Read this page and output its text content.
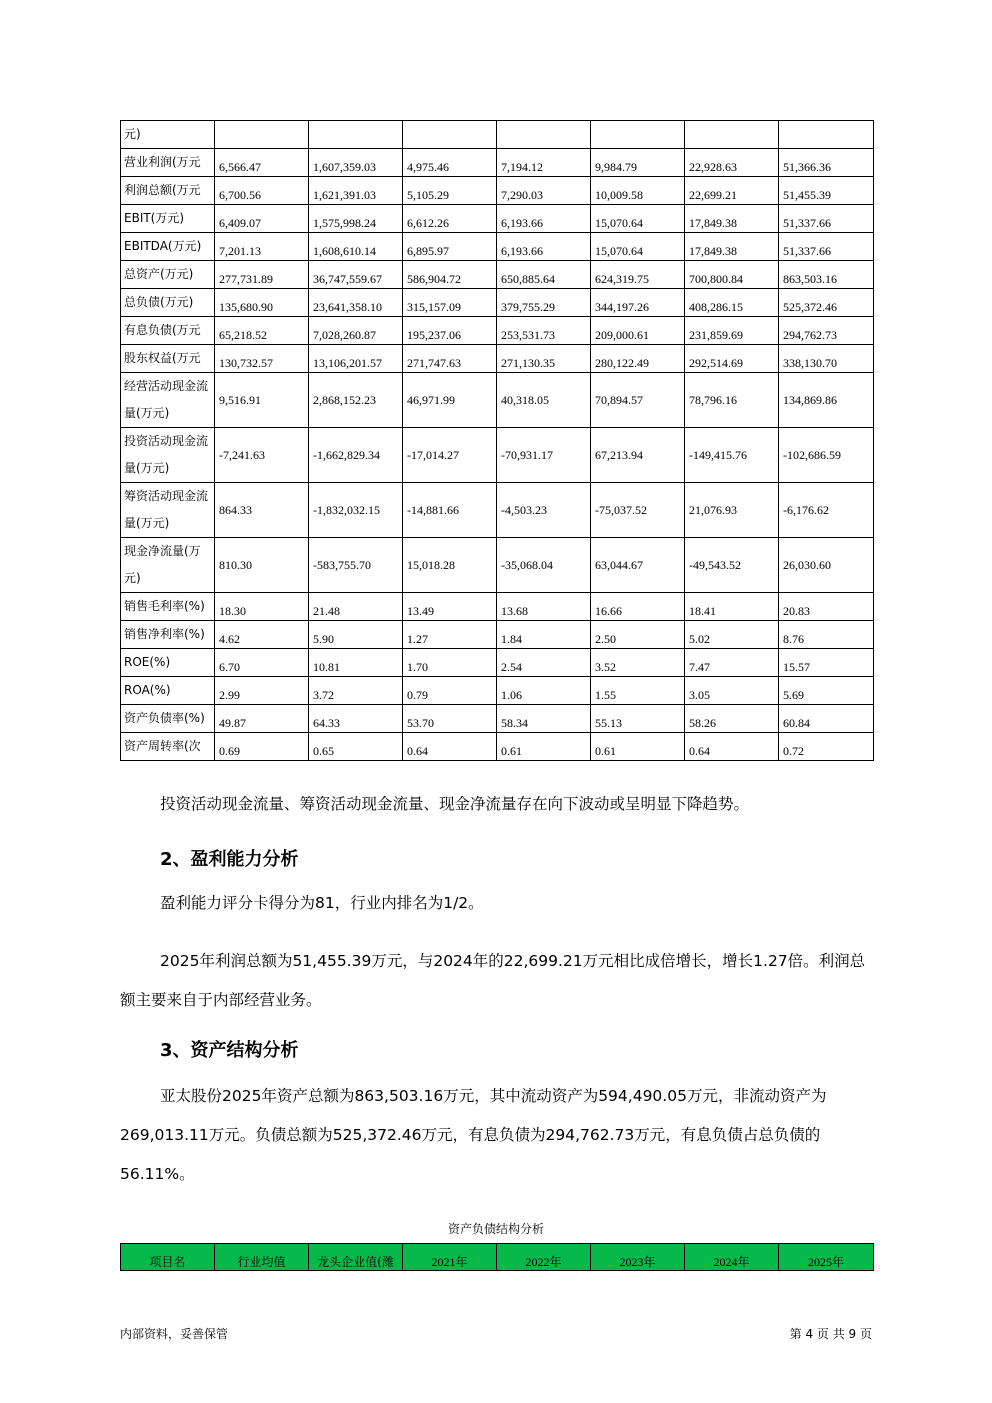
元)							
营业利润(万元	6,566.47	1,607,359.03	4,975.46	7,194.12	9,984.79	22,928.63	51,366.36
利润总额(万元	6,700.56	1,621,391.03	5,105.29	7,290.03	10,009.58	22,699.21	51,455.39
EBIT(万元)	6,409.07	1,575,998.24	6,612.26	6,193.66	15,070.64	17,849.38	51,337.66
EBITDA(万元)	7,201.13	1,608,610.14	6,895.97	6,193.66	15,070.64	17,849.38	51,337.66
总资产(万元)	277,731.89	36,747,559.67	586,904.72	650,885.64	624,319.75	700,800.84	863,503.16
总负债(万元)	135,680.90	23,641,358.10	315,157.09	379,755.29	344,197.26	408,286.15	525,372.46
有息负债(万元	65,218.52	7,028,260.87	195,237.06	253,531.73	209,000.61	231,859.69	294,762.73
股东权益(万元	130,732.57	13,106,201.57	271,747.63	271,130.35	280,122.49	292,514.69	338,130.70
经营活动现金流量(万元)	9,516.91	2,868,152.23	46,971.99	40,318.05	70,894.57	78,796.16	134,869.86
投资活动现金流量(万元)	-7,241.63	-1,662,829.34	-17,014.27	-70,931.17	67,213.94	-149,415.76	-102,686.59
筹资活动现金流量(万元)	864.33	-1,832,032.15	-14,881.66	-4,503.23	-75,037.52	21,076.93	-6,176.62
现金净流量(万元)	810.30	-583,755.70	15,018.28	-35,068.04	63,044.67	-49,543.52	26,030.60
销售毛利率(%)	18.30	21.48	13.49	13.68	16.66	18.41	20.83
销售净利率(%)	4.62	5.90	1.27	1.84	2.50	5.02	8.76
ROE(%)	6.70	10.81	1.70	2.54	3.52	7.47	15.57
ROA(%)	2.99	3.72	0.79	1.06	1.55	3.05	5.69
资产负债率(%)	49.87	64.33	53.70	58.34	55.13	58.26	60.84
资产周转率(次	0.69	0.65	0.64	0.61	0.61	0.64	0.72

投资活动现金流量、筹资活动现金流量、现金净流量存在向下波动或呈明显下降趋势。

2、盈利能力分析

盈利能力评分卡得分为81，行业内排名为1/2。

2025年利润总额为51,455.39万元，与2024年的22,699.21万元相比成倍增长，增长1.27倍。利润总额主要来自于内部经营业务。

3、资产结构分析

亚太股份2025年资产总额为863,503.16万元，其中流动资产为594,490.05万元，非流动资产为269,013.11万元。负债总额为525,372.46万元，有息负债为294,762.73万元，有息负债占总负债的56.11%。

资产负债结构分析
项目名	行业均值	龙头企业值(潍	2021年	2022年	2023年	2024年	2025年
内部资料，妥善保管	第 4 页 共 9 页
